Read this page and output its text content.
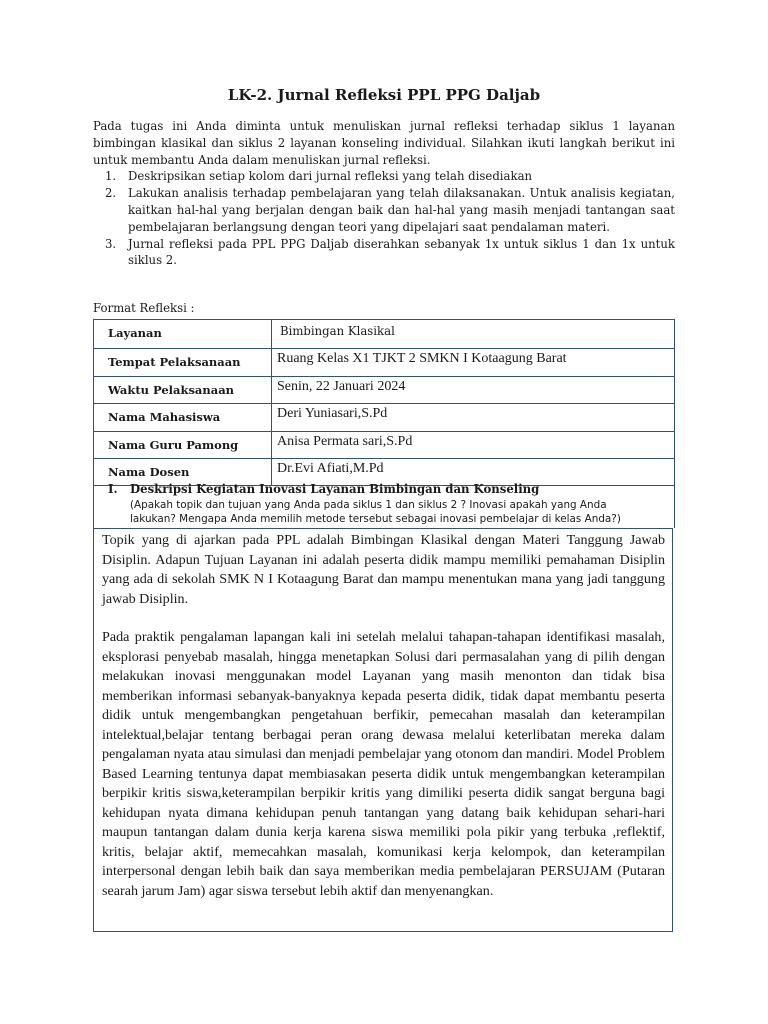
LK-2. Jurnal Refleksi PPL PPG Daljab

Pada tugas ini Anda diminta untuk menuliskan jurnal refleksi terhadap siklus 1 layanan bimbingan klasikal dan siklus 2 layanan konseling individual. Silahkan ikuti langkah berikut ini untuk membantu Anda dalam menuliskan jurnal refleksi.

1. Deskripsikan setiap kolom dari jurnal refleksi yang telah disediakan
2. Lakukan analisis terhadap pembelajaran yang telah dilaksanakan. Untuk analisis kegiatan, kaitkan hal-hal yang berjalan dengan baik dan hal-hal yang masih menjadi tantangan saat pembelajaran berlangsung dengan teori yang dipelajari saat pendalaman materi.
3. Jurnal refleksi pada PPL PPG Daljab diserahkan sebanyak 1x untuk siklus 1 dan 1x untuk siklus 2.
Format Refleksi :
Layanan	Bimbingan Klasikal
Tempat Pelaksanaan	Ruang Kelas X1 TJKT 2 SMKN I Kotaagung Barat
Waktu Pelaksanaan	Senin, 22 Januari 2024
Nama Mahasiswa	Deri Yuniasari,S.Pd
Nama Guru Pamong	Anisa Permata sari,S.Pd
Nama Dosen	Dr.Evi Afiati,M.Pd
I. Deskripsi Kegiatan Inovasi Layanan Bimbingan dan Konseling
(Apakah topik dan tujuan yang Anda pada siklus 1 dan siklus 2 ? Inovasi apakah yang Anda
lakukan? Mengapa Anda memilih metode tersebut sebagai inovasi pembelajar di kelas Anda?)

Topik yang di ajarkan pada PPL adalah Bimbingan Klasikal dengan Materi Tanggung Jawab Disiplin. Adapun Tujuan Layanan ini adalah peserta didik mampu memiliki pemahaman Disiplin yang ada di sekolah SMK N I Kotaagung Barat dan mampu menentukan mana yang jadi tanggung jawab Disiplin.

Pada praktik pengalaman lapangan kali ini setelah melalui tahapan-tahapan identifikasi masalah, eksplorasi penyebab masalah, hingga menetapkan Solusi dari permasalahan yang di pilih dengan melakukan inovasi menggunakan model Layanan yang masih menonton dan tidak bisa memberikan informasi sebanyak-banyaknya kepada peserta didik, tidak dapat membantu peserta didik untuk mengembangkan pengetahuan berfikir, pemecahan masalah dan keterampilan intelektual,belajar tentang berbagai peran orang dewasa melalui keterlibatan mereka dalam pengalaman nyata atau simulasi dan menjadi pembelajar yang otonom dan mandiri. Model Problem Based Learning tentunya dapat membiasakan peserta didik untuk mengembangkan keterampilan berpikir kritis siswa,keterampilan berpikir kritis yang dimiliki peserta didik sangat berguna bagi kehidupan nyata dimana kehidupan penuh tantangan yang datang baik kehidupan sehari-hari maupun tantangan dalam dunia kerja karena siswa memiliki pola pikir yang terbuka ,reflektif, kritis, belajar aktif, memecahkan masalah, komunikasi kerja kelompok, dan keterampilan interpersonal dengan lebih baik dan saya memberikan media pembelajaran PERSUJAM (Putaran searah jarum Jam) agar siswa tersebut lebih aktif dan menyenangkan.
